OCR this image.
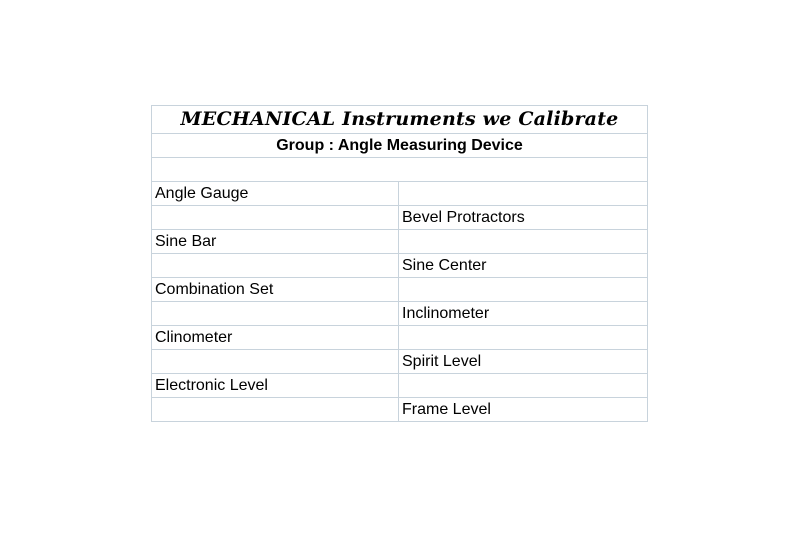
MECHANICAL Instruments we Calibrate	
Group : Angle Measuring Device	

Angle Gauge	
	Bevel Protractors
Sine Bar	
	Sine Center
Combination Set	
	Inclinometer
Clinometer	
	Spirit Level
Electronic Level	
	Frame Level
